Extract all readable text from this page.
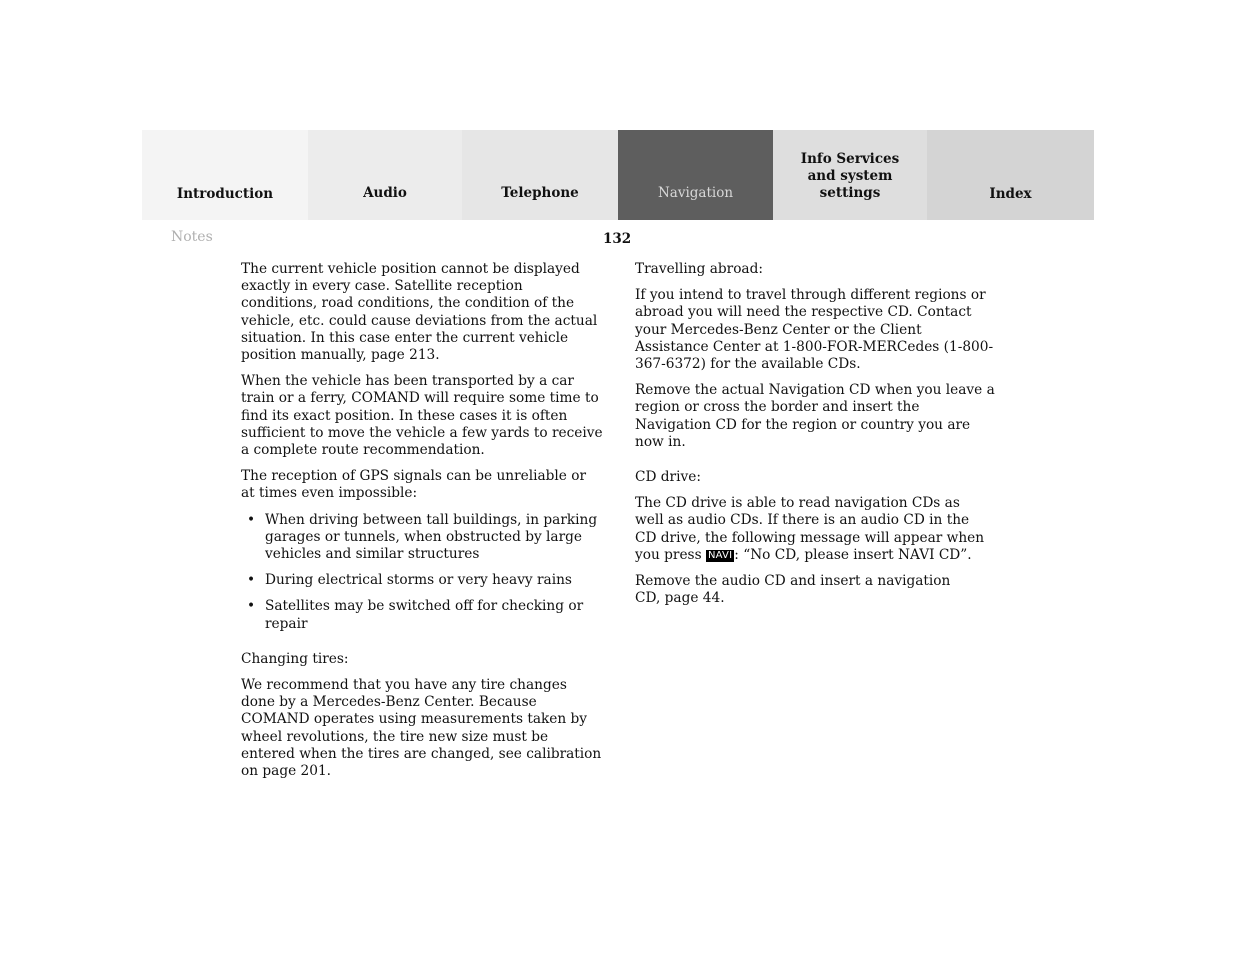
Introduction	Audio	Telephone	Navigation
Info Services and system settings	Index
Notes	132

The current vehicle position cannot be displayed exactly in every case. Satellite reception conditions, road conditions, the condition of the vehicle, etc. could cause deviations from the actual situation. In this case enter the current vehicle position manually, page 213.

When the vehicle has been transported by a car train or a ferry, COMAND will require some time to find its exact position. In these cases it is often sufficient to move the vehicle a few yards to receive a complete route recommendation.

The reception of GPS signals can be unreliable or at times even impossible:

• When driving between tall buildings, in parking garages or tunnels, when obstructed by large vehicles and similar structures
• During electrical storms or very heavy rains
• Satellites may be switched off for checking or repair

Changing tires:

We recommend that you have any tire changes done by a Mercedes-Benz Center. Because COMAND operates using measurements taken by wheel revolutions, the tire new size must be entered when the tires are changed, see calibration on page 201.

Travelling abroad:

If you intend to travel through different regions or abroad you will need the respective CD. Contact your Mercedes-Benz Center or the Client Assistance Center at 1-800-FOR-MERCedes (1-800-367-6372) for the available CDs.

Remove the actual Navigation CD when you leave a region or cross the border and insert the Navigation CD for the region or country you are now in.

CD drive:

The CD drive is able to read navigation CDs as well as audio CDs. If there is an audio CD in the CD drive, the following message will appear when you press NAVI : “No CD, please insert NAVI CD”.

Remove the audio CD and insert a navigation CD, page 44.
